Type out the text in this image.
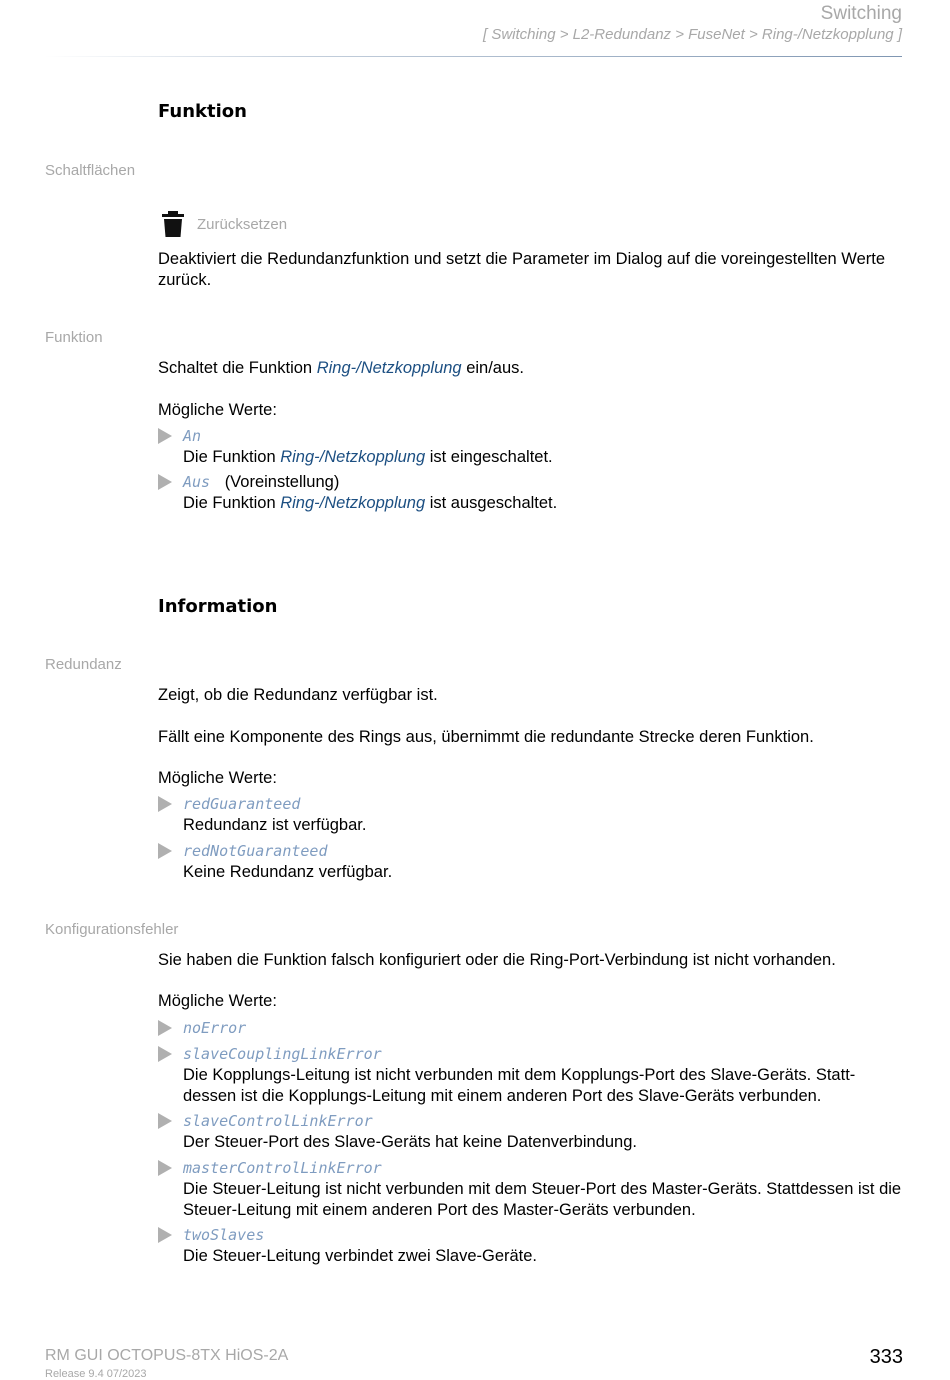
Switching
[ Switching > L2-Redundanz > FuseNet > Ring-/Netzkopplung ]
Funktion
Schaltflächen
Zurücksetzen
Deaktiviert die Redundanzfunktion und setzt die Parameter im Dialog auf die voreingestellten Werte zurück.
Funktion
Schaltet die Funktion Ring-/Netzkopplung ein/aus.
Mögliche Werte:
An
Die Funktion Ring-/Netzkopplung ist eingeschaltet.
Aus (Voreinstellung)
Die Funktion Ring-/Netzkopplung ist ausgeschaltet.
Information
Redundanz
Zeigt, ob die Redundanz verfügbar ist.
Fällt eine Komponente des Rings aus, übernimmt die redundante Strecke deren Funktion.
Mögliche Werte:
redGuaranteed
Redundanz ist verfügbar.
redNotGuaranteed
Keine Redundanz verfügbar.
Konfigurationsfehler
Sie haben die Funktion falsch konfiguriert oder die Ring-Port-Verbindung ist nicht vorhanden.
Mögliche Werte:
noError
slaveCouplingLinkError
Die Kopplungs-Leitung ist nicht verbunden mit dem Kopplungs-Port des Slave-Geräts. Statt-dessen ist die Kopplungs-Leitung mit einem anderen Port des Slave-Geräts verbunden.
slaveControlLinkError
Der Steuer-Port des Slave-Geräts hat keine Datenverbindung.
masterControlLinkError
Die Steuer-Leitung ist nicht verbunden mit dem Steuer-Port des Master-Geräts. Stattdessen ist die Steuer-Leitung mit einem anderen Port des Master-Geräts verbunden.
twoSlaves
Die Steuer-Leitung verbindet zwei Slave-Geräte.
RM GUI OCTOPUS-8TX HiOS-2A
Release 9.4 07/2023
333
